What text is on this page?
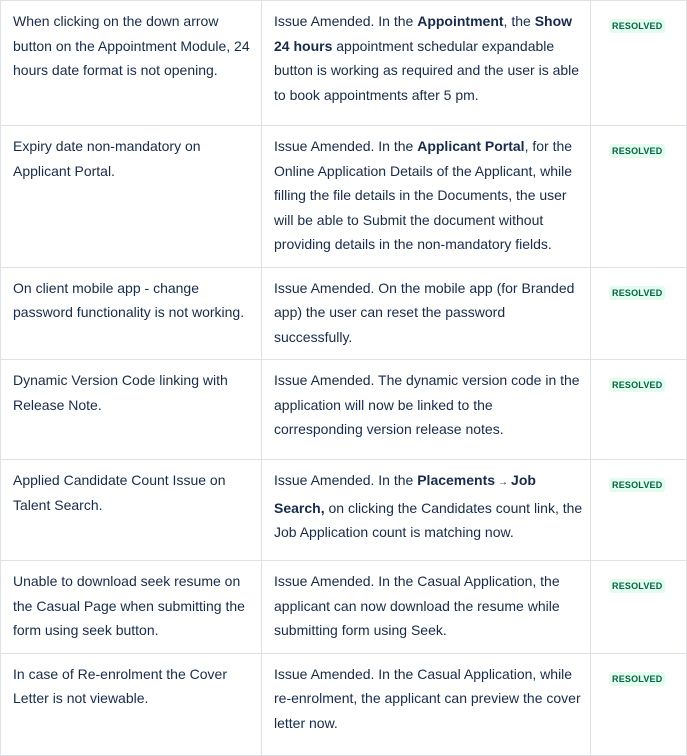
When clicking on the down arrow button on the Appointment Module, 24 hours date format is not opening.	Issue Amended. In the Appointment, the Show 24 hours appointment schedular expandable button is working as required and the user is able to book appointments after 5 pm.	RESOLVED
Expiry date non-mandatory on Applicant Portal.	Issue Amended. In the Applicant Portal, for the Online Application Details of the Applicant, while filling the file details in the Documents, the user will be able to Submit the document without providing details in the non-mandatory fields.	RESOLVED
On client mobile app - change password functionality is not working.	Issue Amended. On the mobile app (for Branded app) the user can reset the password successfully.	RESOLVED
Dynamic Version Code linking with Release Note.	Issue Amended. The dynamic version code in the application will now be linked to the corresponding version release notes.	RESOLVED
Applied Candidate Count Issue on Talent Search.	Issue Amended. In the Placements → Job Search, on clicking the Candidates count link, the Job Application count is matching now.	RESOLVED
Unable to download seek resume on the Casual Page when submitting the form using seek button.	Issue Amended. In the Casual Application, the applicant can now download the resume while submitting form using Seek.	RESOLVED
In case of Re-enrolment the Cover Letter is not viewable.	Issue Amended. In the Casual Application, while re-enrolment, the applicant can preview the cover letter now.	RESOLVED
